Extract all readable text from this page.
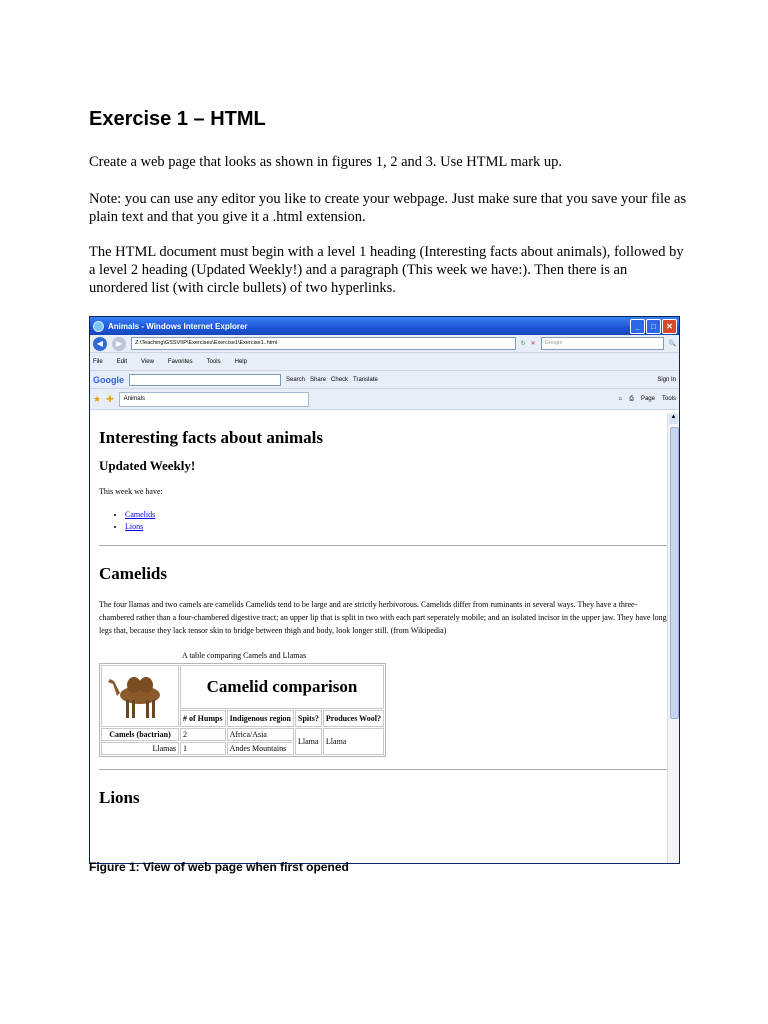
Exercise 1 – HTML

Create a web page that looks as shown in figures 1, 2 and 3. Use HTML mark up.

Note: you can use any editor you like to create your webpage. Just make sure that you save your file as plain text and that you give it a .html extension.

The HTML document must begin with a level 1 heading (Interesting facts about animals), followed by a level 2 heading (Updated Weekly!) and a paragraph (This week we have:). Then there is an unordered list (with circle bullets) of two hyperlinks.

Animals - Windows Internet Explorer	_	□	✕
◀	▶	Z:\Teaching\GSSVI\P\Exercises\Exercise1\Exercise1..html	↻ ✕	Google	🔍
File Edit View Favorites Tools Help
Google	Search Share Check Translate	Sign In
★ ✚	Animals	⌂ ⎙ Page Tools
Interesting facts about animals
Updated Weekly!

This week we have:

• Camelids
• Lions
Camelids

The four llamas and two camels are camelids Camelids tend to be large and are strictly herbivorous. Camelids differ from ruminants in several ways. They have a three-chambered rather than a four-chambered digestive tract; an upper lip that is split in two with each part seperately mobile; and an isolated incisor in the upper jaw. They have long legs that, because they lack tensor skin to bridge between thigh and body, look longer still. (from Wikipedia)

A table comparing Camels and Llamas
	Camelid comparison			
	# of Humps	Indigenous region	Spits?	Produces Wool?
Camels (bactrian)	2	Africa/Asia	Llama	Llama
Llamas	1	Andes Mountains		
Lions
▲
Figure 1: View of web page when first opened
